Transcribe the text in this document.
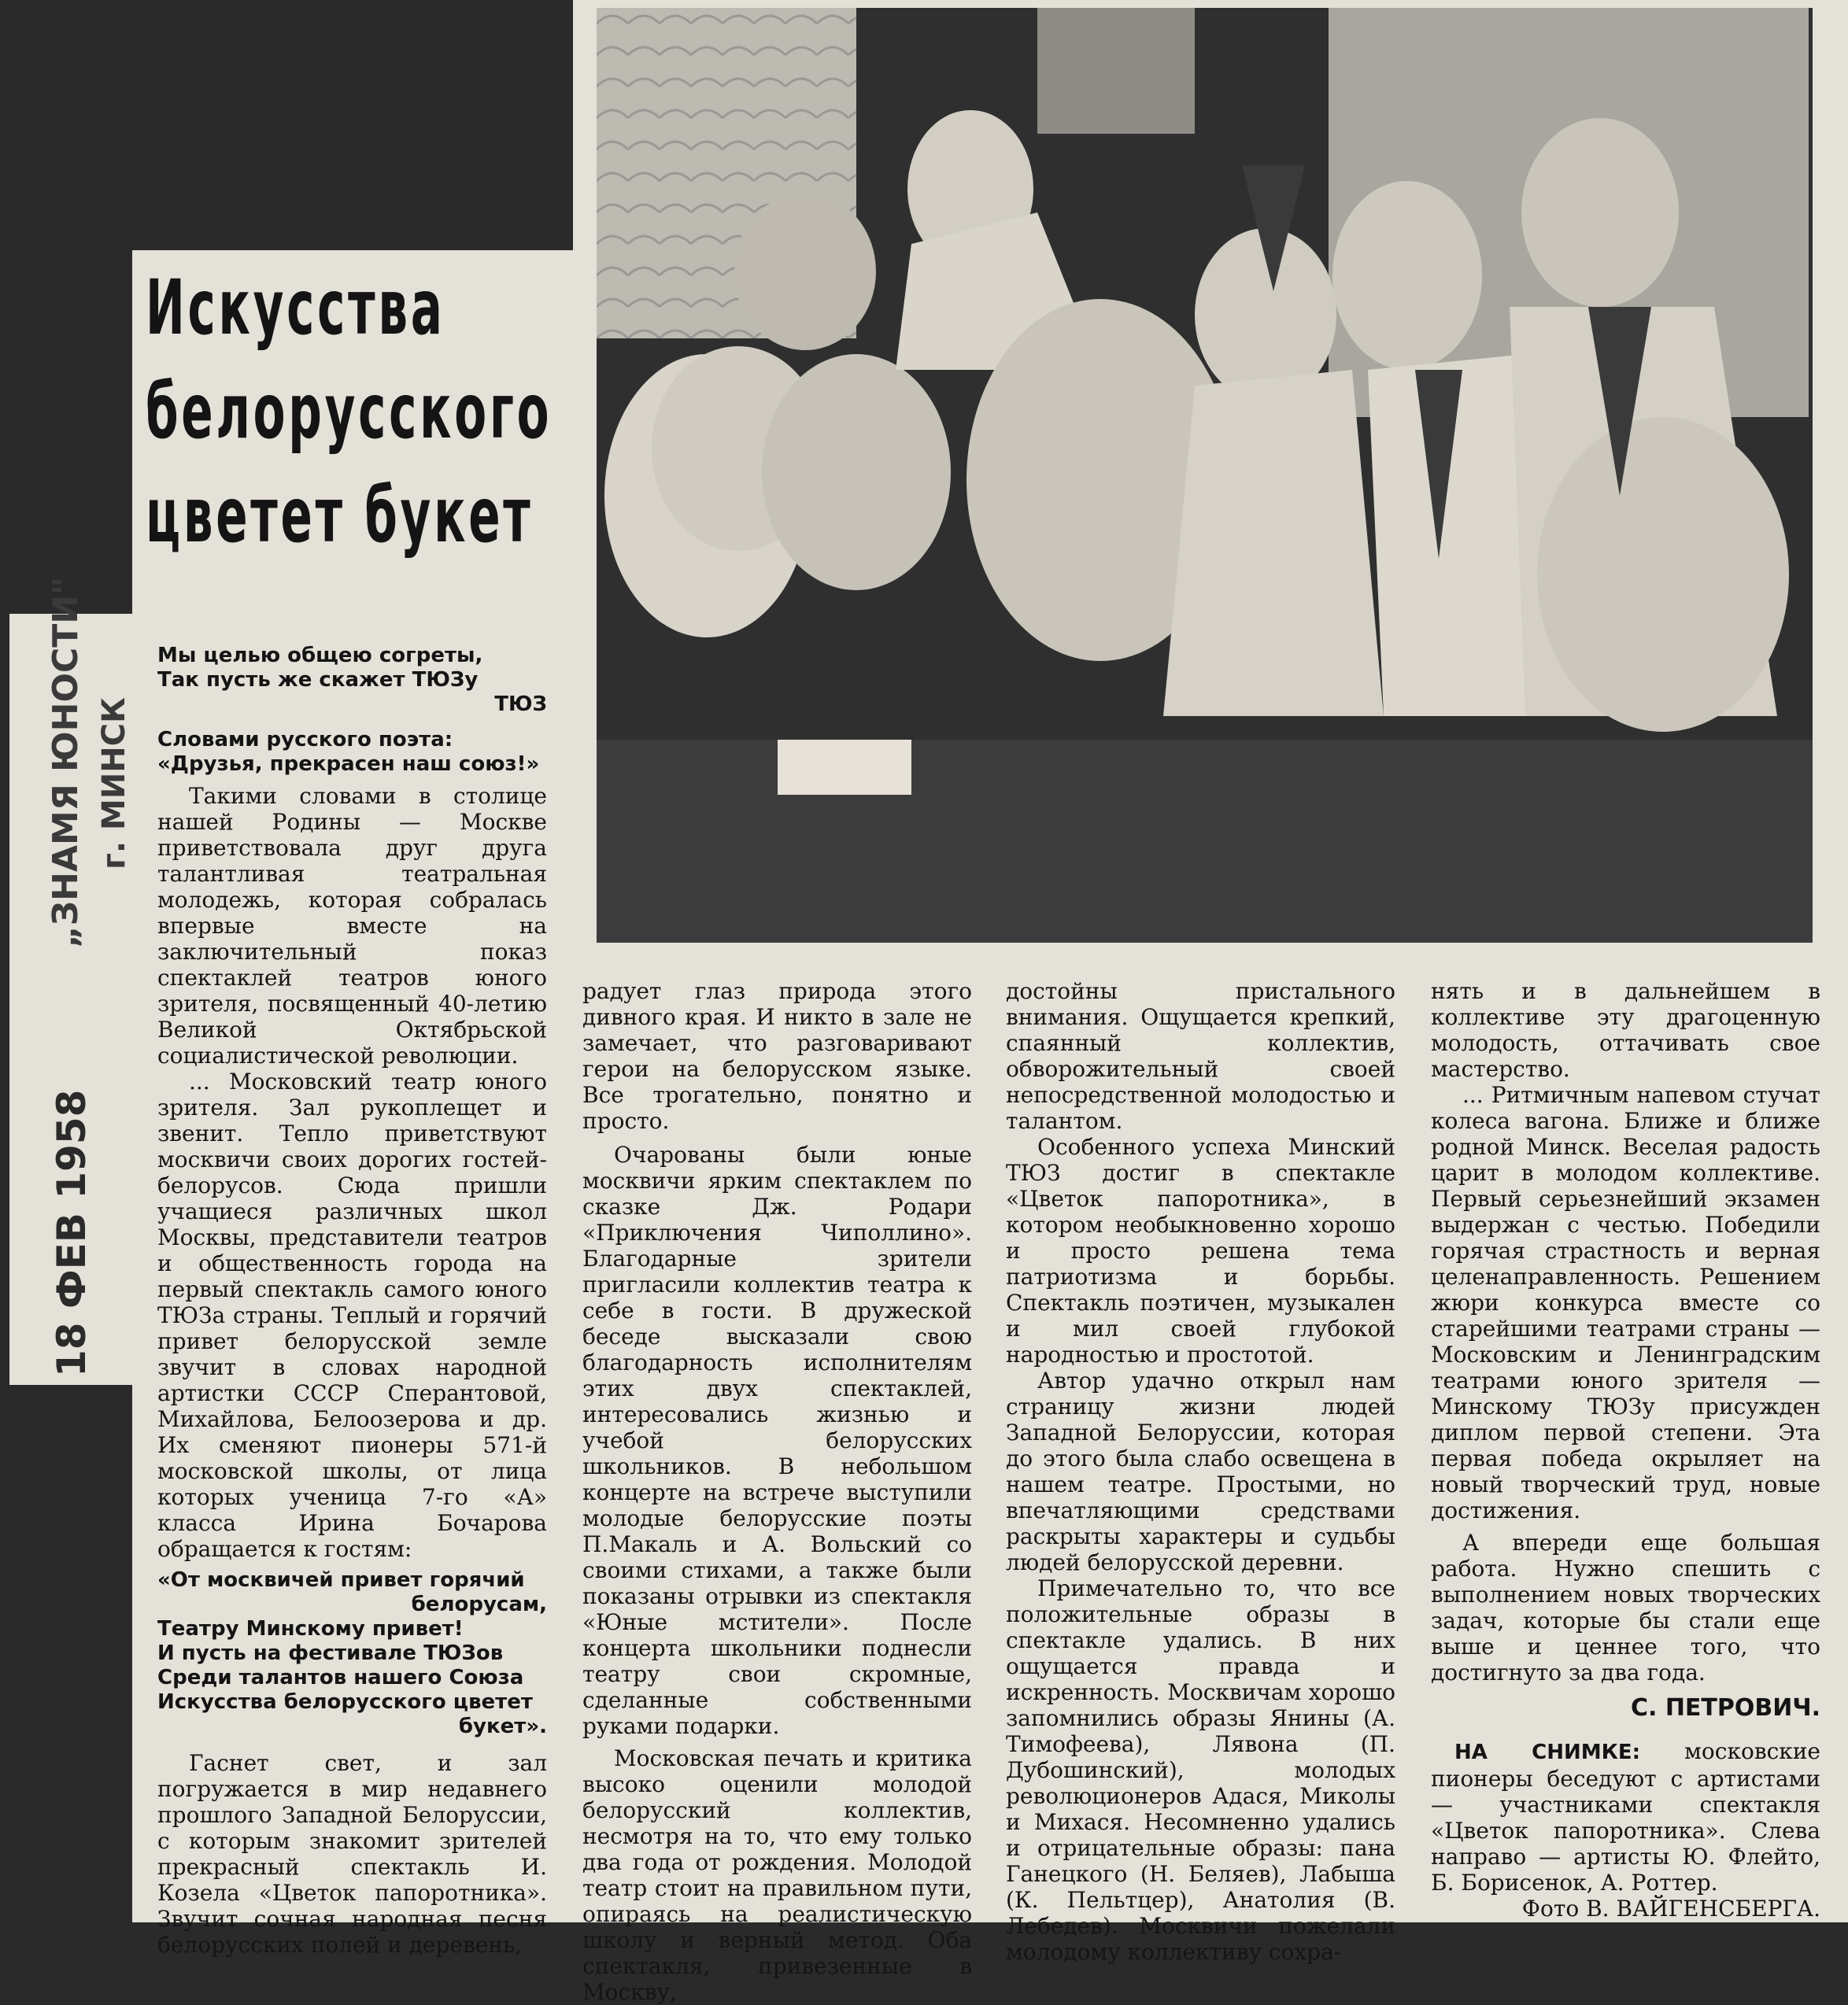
„ЗНАМЯ ЮНОСТИ" г. МИНСК
18 ФЕВ 1958
Искусства
белорусского
цветет букет

Мы целью общею согреты,

Так пусть же скажет ТЮЗу

ТЮЗ

Словами русского поэта:

«Друзья, прекрасен наш союз!»

Такими словами в столице нашей Родины — Москве приветствовала друг друга талантливая театральная молодежь, которая собралась впервые вместе на заключительный показ спектаклей театров юного зрителя, посвященный 40-летию Великой Октябрьской социалистической революции.

... Московский театр юного зрителя. Зал рукоплещет и звенит. Тепло приветствуют москвичи своих дорогих гостей-белорусов. Сюда пришли учащиеся различных школ Москвы, представители театров и общественность города на первый спектакль самого юного ТЮЗа страны. Теплый и горячий привет белорусской земле звучит в словах народной артистки СССР Сперантовой, Михайлова, Белоозерова и др. Их сменяют пионеры 571-й московской школы, от лица которых ученица 7-го «А» класса Ирина Бочарова обращается к гостям:

«От москвичей привет горячий

белорусам,

Театру Минскому привет!

И пусть на фестивале ТЮЗов

Среди талантов нашего Союза

Искусства белорусского цветет

букет».

Гаснет свет, и зал погружается в мир недавнего прошлого Западной Белоруссии, с которым знакомит зрителей прекрасный спектакль И. Козела «Цветок папоротника». Звучит сочная народная песня белорусских полей и деревень,

радует глаз природа этого дивного края. И никто в зале не замечает, что разговаривают герои на белорусском языке. Все трогательно, понятно и просто.

Очарованы были юные москвичи ярким спектаклем по сказке Дж. Родари «Приключения Чиполлино». Благодарные зрители пригласили коллектив театра к себе в гости. В дружеской беседе высказали свою благодарность исполнителям этих двух спектаклей, интересовались жизнью и учебой белорусских школьников. В небольшом концерте на встрече выступили молодые белорусские поэты П.Макаль и А. Вольский со своими стихами, а также были показаны отрывки из спектакля «Юные мстители». После концерта школьники поднесли театру свои скромные, сделанные собственными руками подарки.

Московская печать и критика высоко оценили молодой белорусский коллектив, несмотря на то, что ему только два года от рождения. Молодой театр стоит на правильном пути, опираясь на реалистическую школу и верный метод. Оба спектакля, привезенные в Москву,

достойны пристального внимания. Ощущается крепкий, спаянный коллектив, обворожительный своей непосредственной молодостью и талантом.

Особенного успеха Минский ТЮЗ достиг в спектакле «Цветок папоротника», в котором необыкновенно хорошо и просто решена тема патриотизма и борьбы. Спектакль поэтичен, музыкален и мил своей глубокой народностью и простотой.

Автор удачно открыл нам страницу жизни людей Западной Белоруссии, которая до этого была слабо освещена в нашем театре. Простыми, но впечатляющими средствами раскрыты характеры и судьбы людей белорусской деревни.

Примечательно то, что все положительные образы в спектакле удались. В них ощущается правда и искренность. Москвичам хорошо запомнились образы Янины (А. Тимофеева), Лявона (П. Дубошинский), молодых революционеров Адася, Миколы и Михася. Несомненно удались и отрицательные образы: пана Ганецкого (Н. Беляев), Лабыша (К. Пельтцер), Анатолия (В. Лебедев). Москвичи пожелали молодому коллективу сохра-

нять и в дальнейшем в коллективе эту драгоценную молодость, оттачивать свое мастерство.

... Ритмичным напевом стучат колеса вагона. Ближе и ближе родной Минск. Веселая радость царит в молодом коллективе. Первый серьезнейший экзамен выдержан с честью. Победили горячая страстность и верная целенаправленность. Решением жюри конкурса вместе со старейшими театрами страны — Московским и Ленинградским театрами юного зрителя — Минскому ТЮЗу присужден диплом первой степени. Эта первая победа окрыляет на новый творческий труд, новые достижения.

А впереди еще большая работа. Нужно спешить с выполнением новых творческих задач, которые бы стали еще выше и ценнее того, что достигнуто за два года.

С. ПЕТРОВИЧ.

НА СНИМКЕ: московские пионеры беседуют с артистами — участниками спектакля «Цветок папоротника». Слева направо — артисты Ю. Флейто, Б. Борисенок, А. Роттер.

Фото В. ВАЙГЕНСБЕРГА.
